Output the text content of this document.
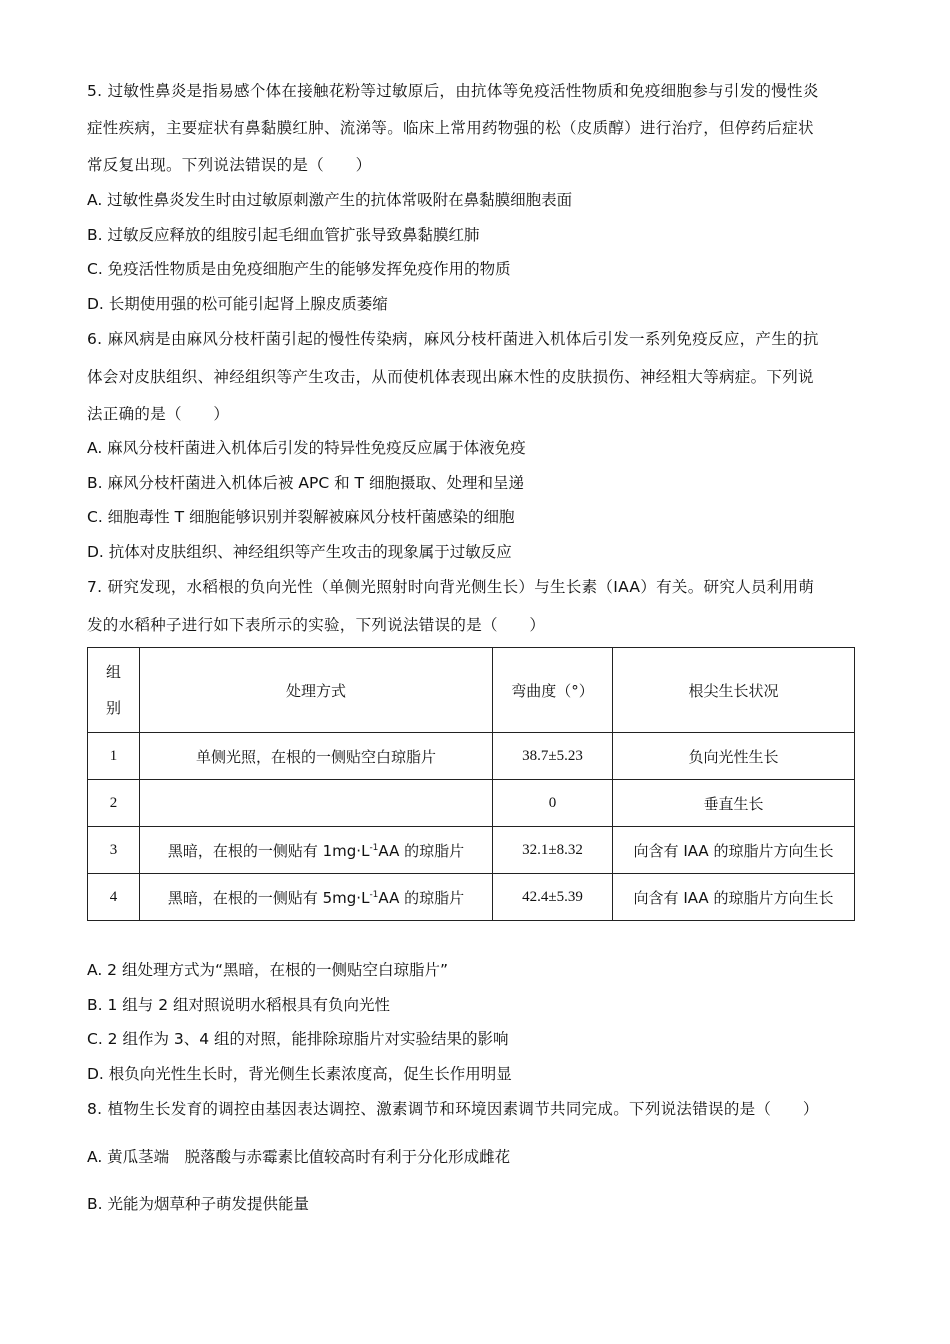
5. 过敏性鼻炎是指易感个体在接触花粉等过敏原后，由抗体等免疫活性物质和免疫细胞参与引发的慢性炎
症性疾病，主要症状有鼻黏膜红肿、流涕等。临床上常用药物强的松（皮质醇）进行治疗，但停药后症状
常反复出现。下列说法错误的是（　　）
A. 过敏性鼻炎发生时由过敏原刺激产生的抗体常吸附在鼻黏膜细胞表面
B. 过敏反应释放的组胺引起毛细血管扩张导致鼻黏膜红肺
C. 免疫活性物质是由免疫细胞产生的能够发挥免疫作用的物质
D. 长期使用强的松可能引起肾上腺皮质萎缩
6. 麻风病是由麻风分枝杆菌引起的慢性传染病，麻风分枝杆菌进入机体后引发一系列免疫反应，产生的抗
体会对皮肤组织、神经组织等产生攻击，从而使机体表现出麻木性的皮肤损伤、神经粗大等病症。下列说
法正确的是（　　）
A. 麻风分枝杆菌进入机体后引发的特异性免疫反应属于体液免疫
B. 麻风分枝杆菌进入机体后被 APC 和 T 细胞摄取、处理和呈递
C. 细胞毒性 T 细胞能够识别并裂解被麻风分枝杆菌感染的细胞
D. 抗体对皮肤组织、神经组织等产生攻击的现象属于过敏反应
7. 研究发现，水稻根的负向光性（单侧光照射时向背光侧生长）与生长素（IAA）有关。研究人员利用萌
发的水稻种子进行如下表所示的实验，下列说法错误的是（　　）
组
别	处理方式	弯曲度（°）	根尖生长状况
1	单侧光照，在根的一侧贴空白琼脂片	38.7±5.23	负向光性生长
2		0	垂直生长
3	黑暗，在根的一侧贴有 $1mg\cdot L^{-1}AA$ 的琼脂片	32.1±8.32	向含有 IAA 的琼脂片方向生长
4	黑暗，在根的一侧贴有 $5mg\cdot L^{-1}AA$ 的琼脂片	42.4±5.39	向含有 IAA 的琼脂片方向生长
A. 2 组处理方式为“黑暗，在根的一侧贴空白琼脂片”
B. 1 组与 2 组对照说明水稻根具有负向光性
C. 2 组作为 3、4 组的对照，能排除琼脂片对实验结果的影响
D. 根负向光性生长时，背光侧生长素浓度高，促生长作用明显
8. 植物生长发育的调控由基因表达调控、激素调节和环境因素调节共同完成。下列说法错误的是（　　）
A. 黄瓜茎端　脱落酸与赤霉素比值较高时有利于分化形成雌花
B. 光能为烟草种子萌发提供能量
